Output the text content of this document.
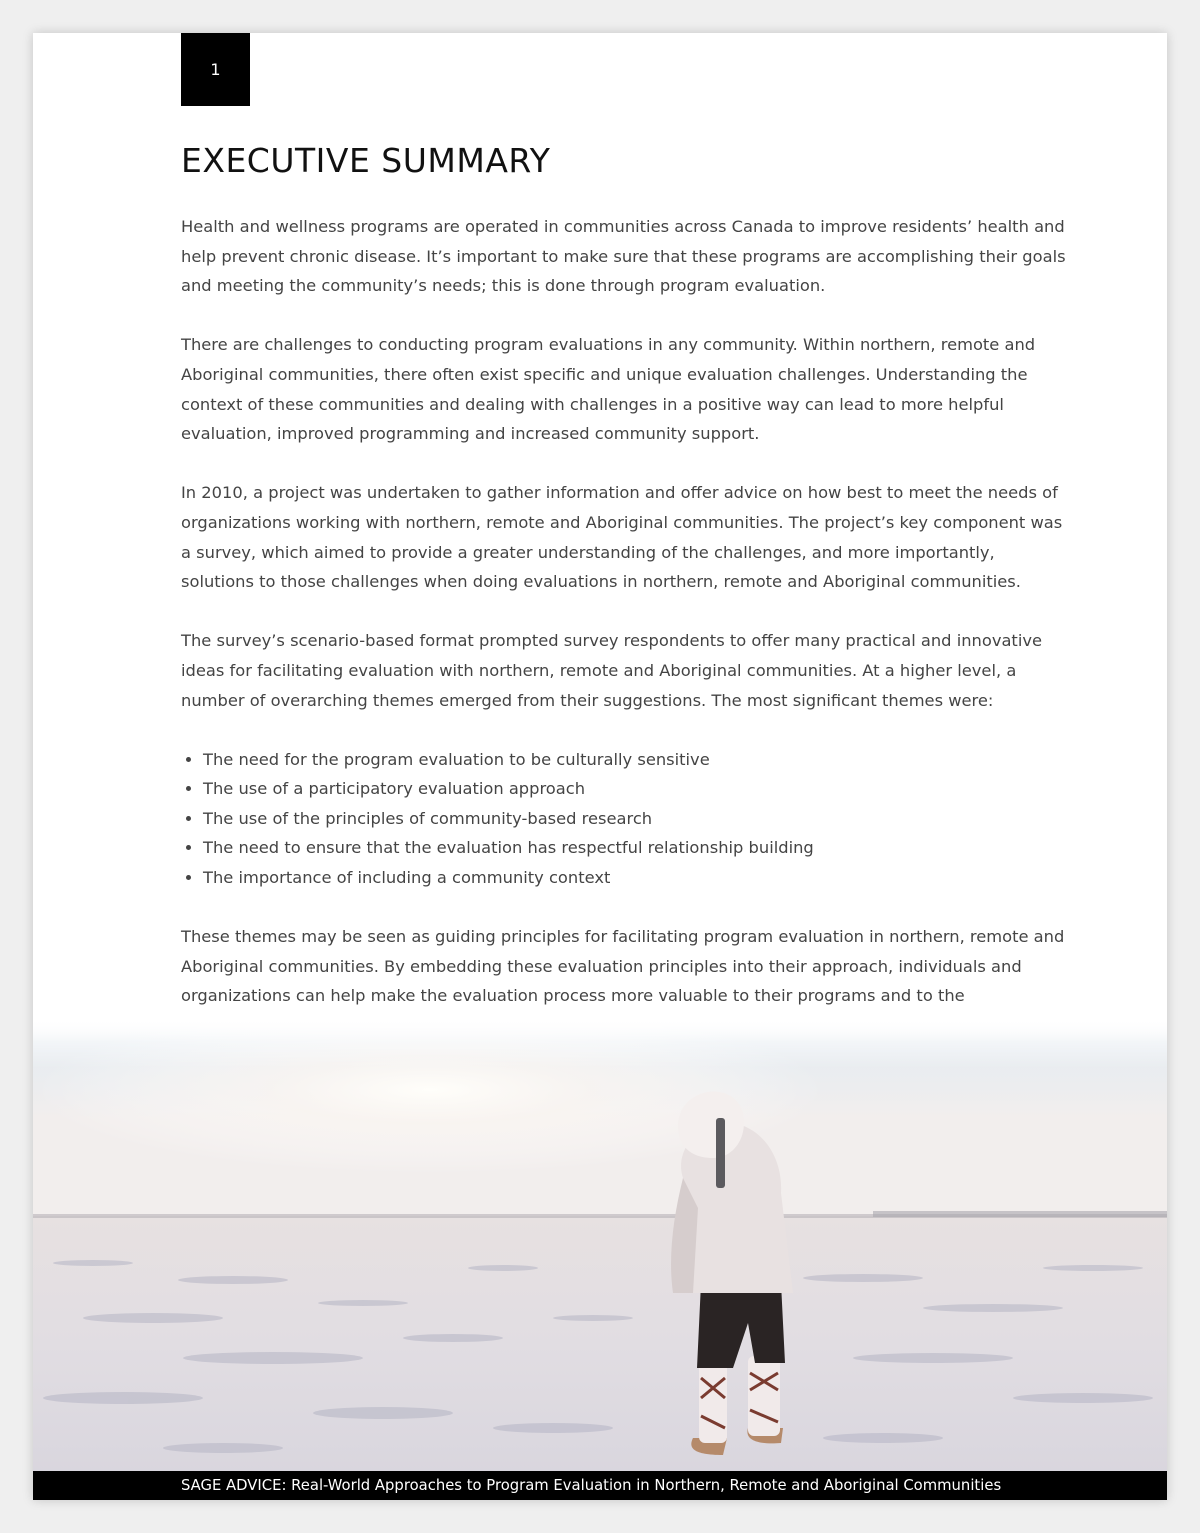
1
EXECUTIVE SUMMARY

Health and wellness programs are operated in communities across Canada to improve residents’ health and help prevent chronic disease. It’s important to make sure that these programs are accomplishing their goals and meeting the community’s needs; this is done through program evaluation.

There are challenges to conducting program evaluations in any community. Within northern, remote and Aboriginal communities, there often exist specific and unique evaluation challenges. Understanding the context of these communities and dealing with challenges in a positive way can lead to more helpful evaluation, improved programming and increased community support.

In 2010, a project was undertaken to gather information and offer advice on how best to meet the needs of organizations working with northern, remote and Aboriginal communities. The project’s key component was a survey, which aimed to provide a greater understanding of the challenges, and more importantly, solutions to those challenges when doing evaluations in northern, remote and Aboriginal communities.

The survey’s scenario-based format prompted survey respondents to offer many practical and innovative ideas for facilitating evaluation with northern, remote and Aboriginal communities. At a higher level, a number of overarching themes emerged from their suggestions. The most significant themes were:

• The need for the program evaluation to be culturally sensitive
• The use of a participatory evaluation approach
• The use of the principles of community-based research
• The need to ensure that the evaluation has respectful relationship building
• The importance of including a community context

These themes may be seen as guiding principles for facilitating program evaluation in northern, remote and Aboriginal communities. By embedding these evaluation principles into their approach, individuals and organizations can help make the evaluation process more valuable to their programs and to the

SAGE ADVICE: Real-World Approaches to Program Evaluation in Northern, Remote and Aboriginal Communities
